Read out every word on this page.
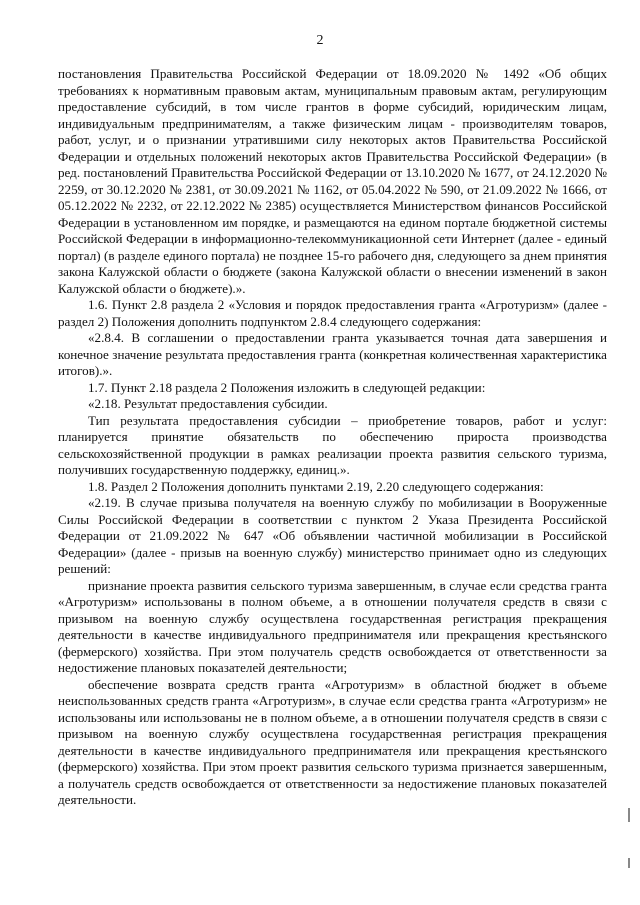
2

постановления Правительства Российской Федерации от 18.09.2020 № 1492 «Об общих требованиях к нормативным правовым актам, муниципальным правовым актам, регулирующим предоставление субсидий, в том числе грантов в форме субсидий, юридическим лицам, индивидуальным предпринимателям, а также физическим лицам - производителям товаров, работ, услуг, и о признании утратившими силу некоторых актов Правительства Российской Федерации и отдельных положений некоторых актов Правительства Российской Федерации» (в ред. постановлений Правительства Российской Федерации от 13.10.2020 № 1677, от 24.12.2020 № 2259, от 30.12.2020 № 2381, от 30.09.2021 № 1162, от 05.04.2022 № 590, от 21.09.2022 № 1666, от 05.12.2022 № 2232, от 22.12.2022 № 2385) осуществляется Министерством финансов Российской Федерации в установленном им порядке, и размещаются на едином портале бюджетной системы Российской Федерации в информационно-телекоммуникационной сети Интернет (далее - единый портал) (в разделе единого портала) не позднее 15-го рабочего дня, следующего за днем принятия закона Калужской области о бюджете (закона Калужской области о внесении изменений в закон Калужской области о бюджете).».

1.6. Пункт 2.8 раздела 2 «Условия и порядок предоставления гранта «Агротуризм» (далее - раздел 2) Положения дополнить подпунктом 2.8.4 следующего содержания:

«2.8.4. В соглашении о предоставлении гранта указывается точная дата завершения и конечное значение результата предоставления гранта (конкретная количественная характеристика итогов).».

1.7. Пункт 2.18 раздела 2 Положения изложить в следующей редакции:

«2.18. Результат предоставления субсидии.

Тип результата предоставления субсидии – приобретение товаров, работ и услуг: планируется принятие обязательств по обеспечению прироста производства сельскохозяйственной продукции в рамках реализации проекта развития сельского туризма, получивших государственную поддержку, единиц.».

1.8. Раздел 2 Положения дополнить пунктами 2.19, 2.20 следующего содержания:

«2.19. В случае призыва получателя на военную службу по мобилизации в Вооруженные Силы Российской Федерации в соответствии с пунктом 2 Указа Президента Российской Федерации от 21.09.2022 № 647 «Об объявлении частичной мобилизации в Российской Федерации» (далее - призыв на военную службу) министерство принимает одно из следующих решений:

признание проекта развития сельского туризма завершенным, в случае если средства гранта «Агротуризм» использованы в полном объеме, а в отношении получателя средств в связи с призывом на военную службу осуществлена государственная регистрация прекращения деятельности в качестве индивидуального предпринимателя или прекращения крестьянского (фермерского) хозяйства. При этом получатель средств освобождается от ответственности за недостижение плановых показателей деятельности;

обеспечение возврата средств гранта «Агротуризм» в областной бюджет в объеме неиспользованных средств гранта «Агротуризм», в случае если средства гранта «Агротуризм» не использованы или использованы не в полном объеме, а в отношении получателя средств в связи с призывом на военную службу осуществлена государственная регистрация прекращения деятельности в качестве индивидуального предпринимателя или прекращения крестьянского (фермерского) хозяйства. При этом проект развития сельского туризма признается завершенным, а получатель средств освобождается от ответственности за недостижение плановых показателей деятельности.
